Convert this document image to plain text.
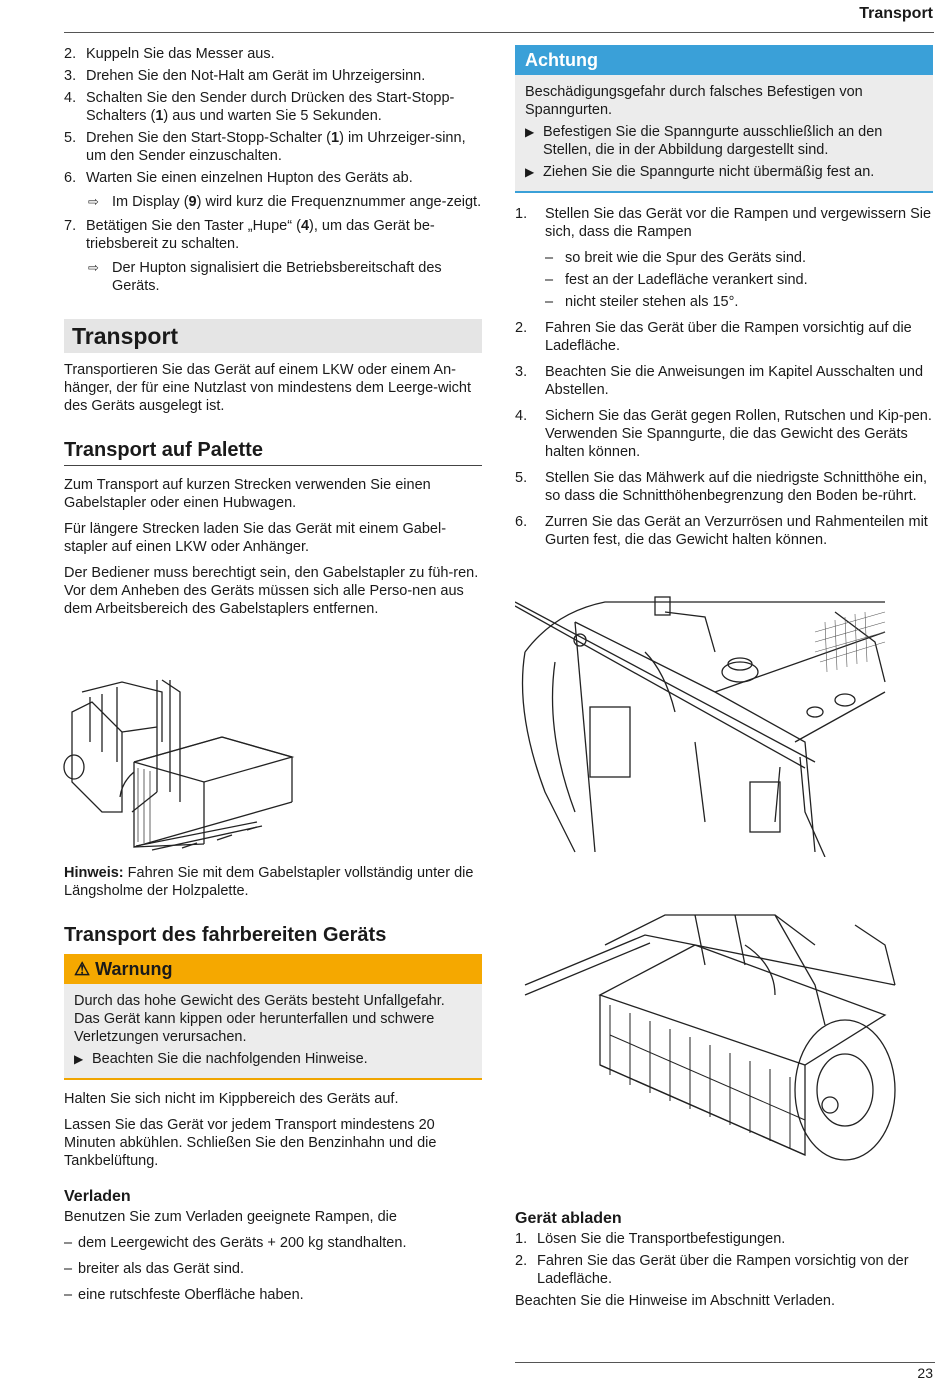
Transport
2. Kuppeln Sie das Messer aus.
3. Drehen Sie den Not-Halt am Gerät im Uhrzeigersinn.
4. Schalten Sie den Sender durch Drücken des Start-Stopp-Schalters (1) aus und warten Sie 5 Sekunden.
5. Drehen Sie den Start-Stopp-Schalter (1) im Uhrzeiger-sinn, um den Sender einzuschalten.
6. Warten Sie einen einzelnen Hupton des Geräts ab.
⇨ Im Display (9) wird kurz die Frequenznummer ange-zeigt.
7. Betätigen Sie den Taster „Hupe“ (4), um das Gerät be-triebsbereit zu schalten.
⇨ Der Hupton signalisiert die Betriebsbereitschaft des Geräts.
Transport

Transportieren Sie das Gerät auf einem LKW oder einem An-hänger, der für eine Nutzlast von mindestens dem Leerge-wicht des Geräts ausgelegt ist.

Transport auf Palette

Zum Transport auf kurzen Strecken verwenden Sie einen Gabelstapler oder einen Hubwagen.

Für längere Strecken laden Sie das Gerät mit einem Gabel-stapler auf einen LKW oder Anhänger.

Der Bediener muss berechtigt sein, den Gabelstapler zu füh-ren. Vor dem Anheben des Geräts müssen sich alle Perso-nen aus dem Arbeitsbereich des Gabelstaplers entfernen.

Hinweis: Fahren Sie mit dem Gabelstapler vollständig unter die Längsholme der Holzpalette.

Transport des fahrbereiten Geräts
⚠ Warnung

Durch das hohe Gewicht des Geräts besteht Unfallgefahr. Das Gerät kann kippen oder herunterfallen und schwere Verletzungen verursachen.

▶ Beachten Sie die nachfolgenden Hinweise.

Halten Sie sich nicht im Kippbereich des Geräts auf.

Lassen Sie das Gerät vor jedem Transport mindestens 20 Minuten abkühlen. Schließen Sie den Benzinhahn und die Tankbelüftung.

Verladen

Benutzen Sie zum Verladen geeignete Rampen, die

– dem Leergewicht des Geräts + 200 kg standhalten.
– breiter als das Gerät sind.
– eine rutschfeste Oberfläche haben.
Achtung

Beschädigungsgefahr durch falsches Befestigen von Spanngurten.

▶ Befestigen Sie die Spanngurte ausschließlich an den Stellen, die in der Abbildung dargestellt sind.
▶ Ziehen Sie die Spanngurte nicht übermäßig fest an.
1. Stellen Sie das Gerät vor die Rampen und vergewissern Sie sich, dass die Rampen
– so breit wie die Spur des Geräts sind.
– fest an der Ladefläche verankert sind.
– nicht steiler stehen als 15°.
2. Fahren Sie das Gerät über die Rampen vorsichtig auf die Ladefläche.
3. Beachten Sie die Anweisungen im Kapitel Ausschalten und Abstellen.
4. Sichern Sie das Gerät gegen Rollen, Rutschen und Kip-pen. Verwenden Sie Spanngurte, die das Gewicht des Geräts halten können.
5. Stellen Sie das Mähwerk auf die niedrigste Schnitthöhe ein, so dass die Schnitthöhenbegrenzung den Boden be-rührt.
6. Zurren Sie das Gerät an Verzurrösen und Rahmenteilen mit Gurten fest, die das Gewicht halten können.
Gerät abladen
1. Lösen Sie die Transportbefestigungen.
2. Fahren Sie das Gerät über die Rampen vorsichtig von der Ladefläche.

Beachten Sie die Hinweise im Abschnitt Verladen.

23
